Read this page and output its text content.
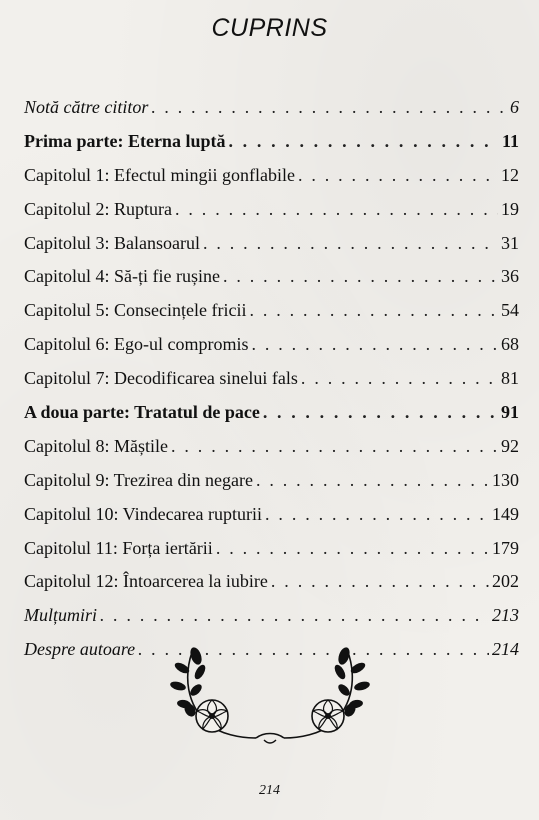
CUPRINS
Notă către cititor . . .	6
Prima parte: Eterna luptă . . .	11
Capitolul 1: Efectul mingii gonflabile . . .	12
Capitolul 2: Ruptura . . .	19
Capitolul 3: Balansoarul . . .	31
Capitolul 4: Să-ți fie rușine . . .	36
Capitolul 5: Consecințele fricii . . .	54
Capitolul 6: Ego-ul compromis . . .	68
Capitolul 7: Decodificarea sinelui fals . . .	81
A doua parte: Tratatul de pace . . .	91
Capitolul 8: Măștile . . .	92
Capitolul 9: Trezirea din negare . . .	130
Capitolul 10: Vindecarea rupturii . . .	149
Capitolul 11: Forța iertării . . .	179
Capitolul 12: Întoarcerea la iubire . . .	202
Mulțumiri . . .	213
Despre autoare . . .	214
214
